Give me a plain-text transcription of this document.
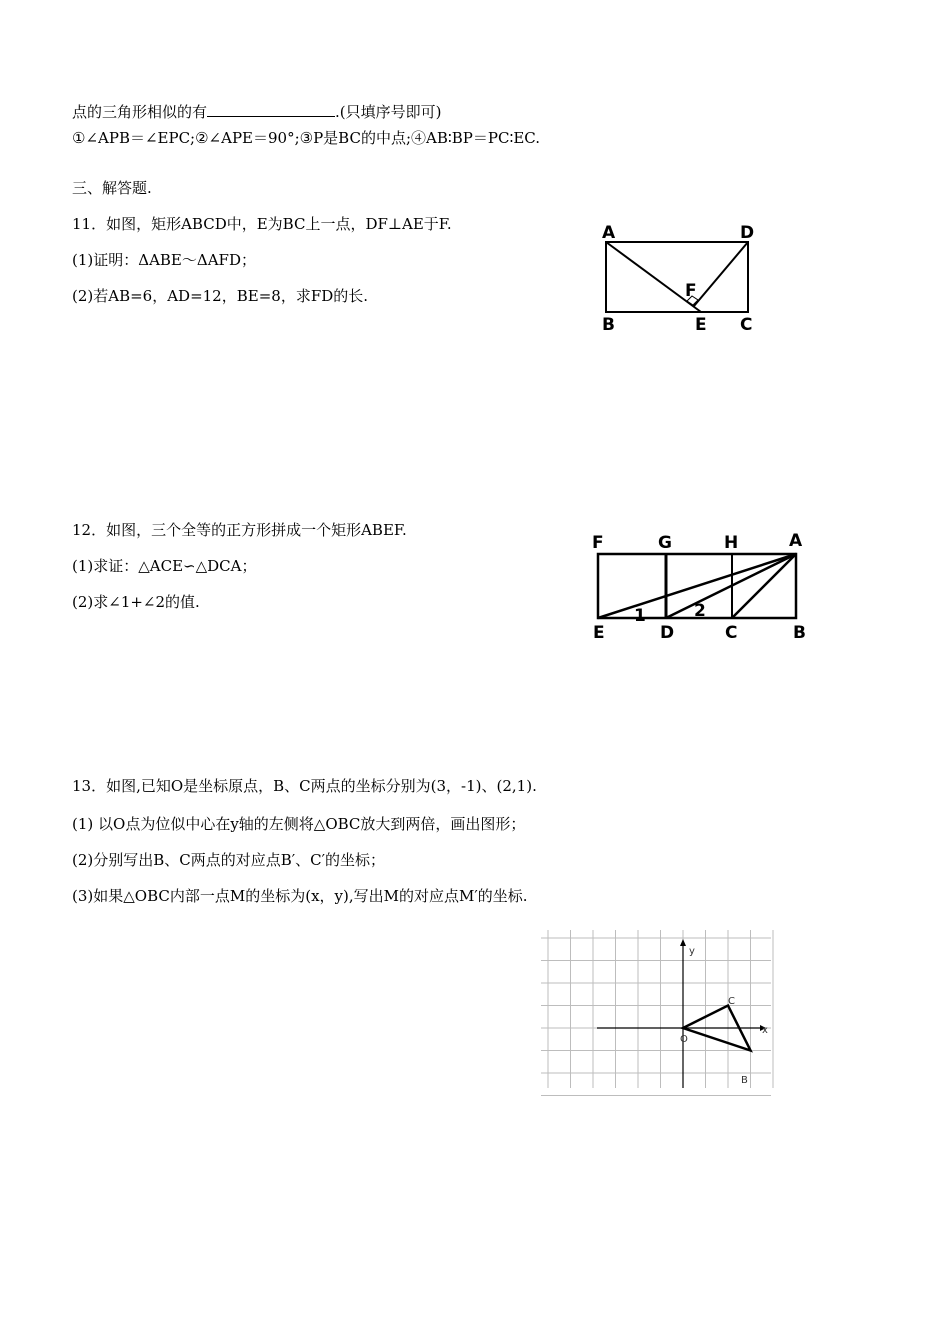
点的三角形相似的有	.(只填序号即可)
①∠APB＝∠EPC;②∠APE＝90°;③P是BC的中点;④AB∶BP＝PC∶EC.
三、解答题.
11．如图，矩形ABCD中，E为BC上一点，DF⊥AE于F.
(1)证明：ΔABE～ΔAFD；
(2)若AB=6，AD=12，BE=8，求FD的长.
A	D
F
B	E C
12．如图，三个全等的正方形拼成一个矩形ABEF.
(1)求证：△ACE∽△DCA；
(2)求∠1+∠2的值.
F	G	H	A
E	D	C	B
1	2
13．如图,已知O是坐标原点，B、C两点的坐标分别为(3，-1)、(2,1).
(1) 以O点为位似中心在y轴的左侧将△OBC放大到两倍，画出图形；
(2)分别写出B、C两点的对应点B′、C′的坐标；
(3)如果△OBC内部一点M的坐标为(x，y),写出M的对应点M′的坐标.
x
y
O
C
B
